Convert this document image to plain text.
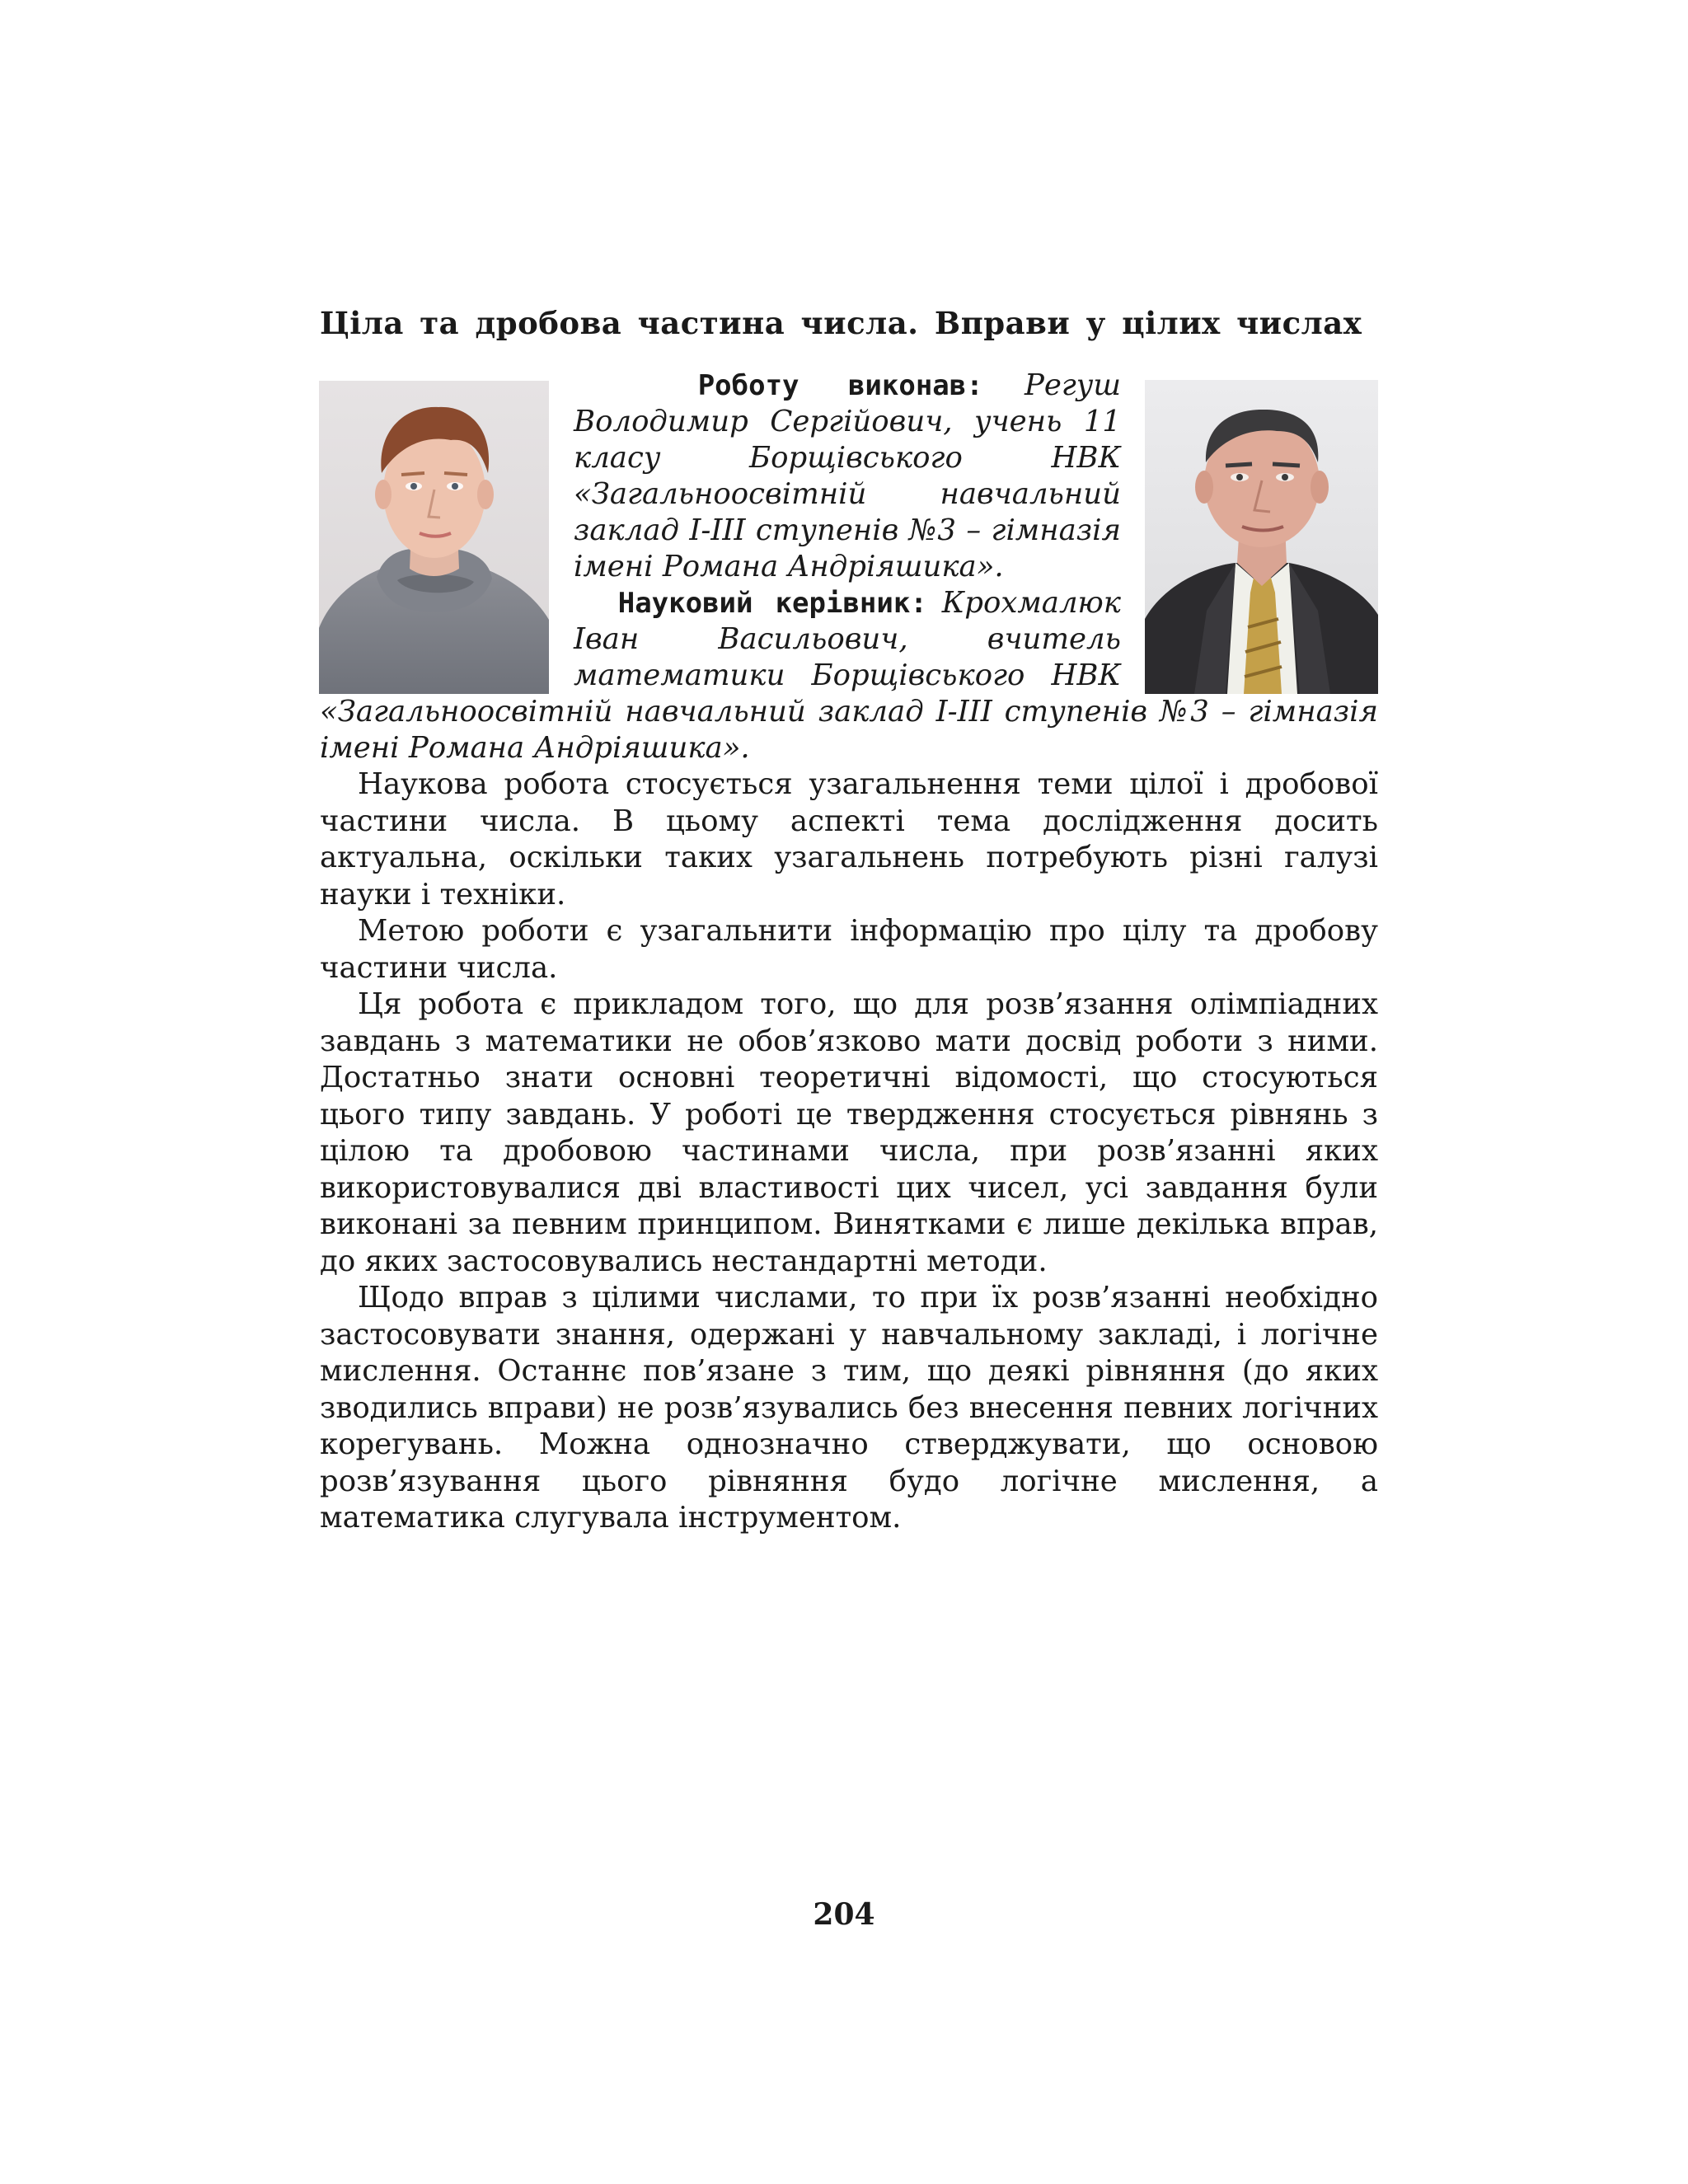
Ціла та дробова частина числа. Вправи у цілих числах

Роботу виконав: Регуш Володимир Сергійович, учень 11 класу Борщівського НВК «Загальноосвітній навчальний заклад І-ІІІ ступенів №3 – гімназія імені Романа Андріяшика».

Науковий керівник: Крохмалюк Іван Васильович, вчитель математики Борщівського НВК «Загальноосвітній навчальний заклад І-ІІІ ступенів №3 – гімназія імені Романа Андріяшика».

Наукова робота стосується узагальнення теми цілої і дробової частини числа. В цьому аспекті тема дослідження досить актуальна, оскільки таких узагальнень потребують різні галузі науки і техніки.

Метою роботи є узагальнити інформацію про цілу та дробову частини числа.

Ця робота є прикладом того, що для розв’язання олімпіадних завдань з математики не обов’язково мати досвід роботи з ними. Достатньо знати основні теоретичні відомості, що стосуються цього типу завдань. У роботі це твердження стосується рівнянь з цілою та дробовою частинами числа, при розв’язанні яких використовувалися дві властивості цих чисел, усі завдання були виконані за певним принципом. Винятками є лише декілька вправ, до яких застосовувались нестандартні методи.

Щодо вправ з цілими числами, то при їх розв’язанні необхідно застосовувати знання, одержані у навчальному закладі, і логічне мислення. Останнє пов’язане з тим, що деякі рівняння (до яких зводились вправи) не розв’язувались без внесення певних логічних корегувань. Можна однозначно стверджувати, що основою розв’язування цього рівняння будо логічне мислення, а математика слугувала інструментом.

204
